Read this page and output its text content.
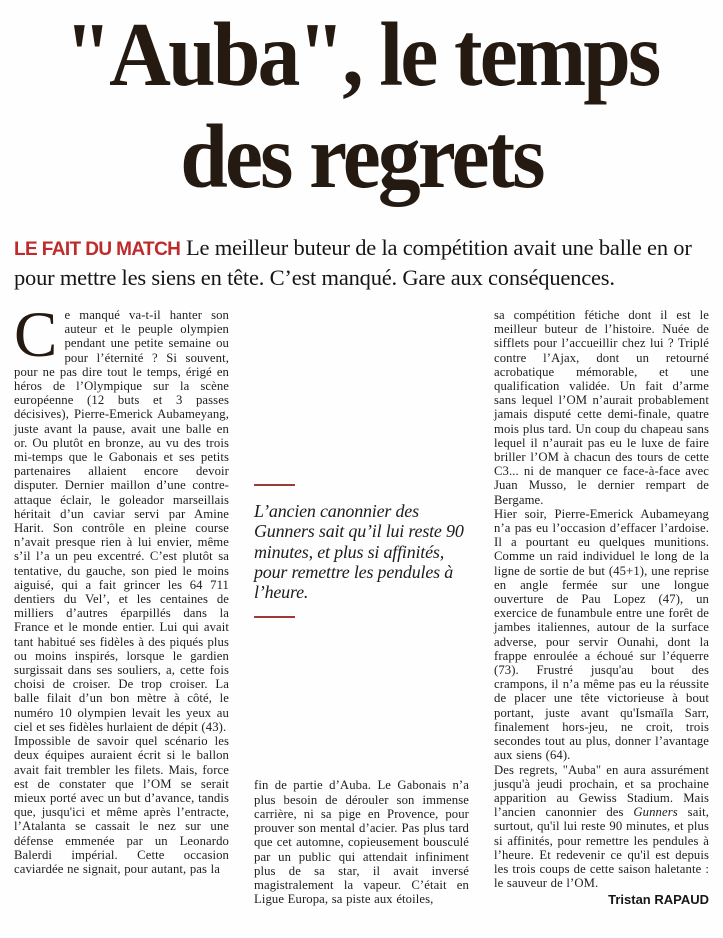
"Auba", le temps
des regrets

LE FAIT DU MATCH Le meilleur buteur de la compétition avait une balle en or pour mettre les siens en tête. C’est manqué. Gare aux conséquences.

Ce manqué va-t-il hanter son auteur et le peuple olympien pendant une petite semaine ou pour l’éternité ? Si souvent, pour ne pas dire tout le temps, érigé en héros de l’Olympique sur la scène européenne (12 buts et 3 passes décisives), Pierre-Emerick Aubameyang, juste avant la pause, avait une balle en or. Ou plutôt en bronze, au vu des trois mi-temps que le Gabonais et ses petits partenaires allaient encore devoir disputer. Dernier maillon d’une contre-attaque éclair, le goleador marseillais héritait d’un caviar servi par Amine Harit. Son contrôle en pleine course n’avait presque rien à lui envier, même s’il l’a un peu excentré. C’est plutôt sa tentative, du gauche, son pied le moins aiguisé, qui a fait grincer les 64 711 dentiers du Vel’, et les centaines de milliers d’autres éparpillés dans la France et le monde entier. Lui qui avait tant habitué ses fidèles à des piqués plus ou moins inspirés, lorsque le gardien surgissait dans ses souliers, a, cette fois choisi de croiser. De trop croiser. La balle filait d’un bon mètre à côté, le numéro 10 olympien levait les yeux au ciel et ses fidèles hurlaient de dépit (43).

Impossible de savoir quel scénario les deux équipes auraient écrit si le ballon avait fait trembler les filets. Mais, force est de constater que l’OM se serait mieux porté avec un but d’avance, tandis que, jusqu'ici et même après l’entracte, l’Atalanta se cassait le nez sur une défense emmenée par un Leonardo Balerdi impérial. Cette occasion caviardée ne signait, pour autant, pas la

L’ancien canonnier des Gunners sait qu’il lui reste 90 minutes, et plus si affinités, pour remettre les pendules à l’heure.

fin de partie d’Auba. Le Gabonais n’a plus besoin de dérouler son immense carrière, ni sa pige en Provence, pour prouver son mental d’acier. Pas plus tard que cet automne, copieusement bousculé par un public qui attendait infiniment plus de sa star, il avait inversé magistralement la vapeur. C’était en Ligue Europa, sa piste aux étoiles,

sa compétition fétiche dont il est le meilleur buteur de l’histoire. Nuée de sifflets pour l’accueillir chez lui ? Triplé contre l’Ajax, dont un retourné acrobatique mémorable, et une qualification validée. Un fait d’arme sans lequel l’OM n’aurait probablement jamais disputé cette demi-finale, quatre mois plus tard. Un coup du chapeau sans lequel il n’aurait pas eu le luxe de faire briller l’OM à chacun des tours de cette C3... ni de manquer ce face-à-face avec Juan Musso, le dernier rempart de Bergame.

Hier soir, Pierre-Emerick Aubameyang n’a pas eu l’occasion d’effacer l’ardoise. Il a pourtant eu quelques munitions. Comme un raid individuel le long de la ligne de sortie de but (45+1), une reprise en angle fermée sur une longue ouverture de Pau Lopez (47), un exercice de funambule entre une forêt de jambes italiennes, autour de la surface adverse, pour servir Ounahi, dont la frappe enroulée a échoué sur l’équerre (73). Frustré jusqu'au bout des crampons, il n’a même pas eu la réussite de placer une tête victorieuse à bout portant, juste avant qu'Ismaïla Sarr, finalement hors-jeu, ne croit, trois secondes tout au plus, donner l’avantage aux siens (64).

Des regrets, "Auba" en aura assurément jusqu'à jeudi prochain, et sa prochaine apparition au Gewiss Stadium. Mais l’ancien canonnier des Gunners sait, surtout, qu'il lui reste 90 minutes, et plus si affinités, pour remettre les pendules à l’heure. Et redevenir ce qu'il est depuis les trois coups de cette saison haletante : le sauveur de l’OM.

Tristan RAPAUD
